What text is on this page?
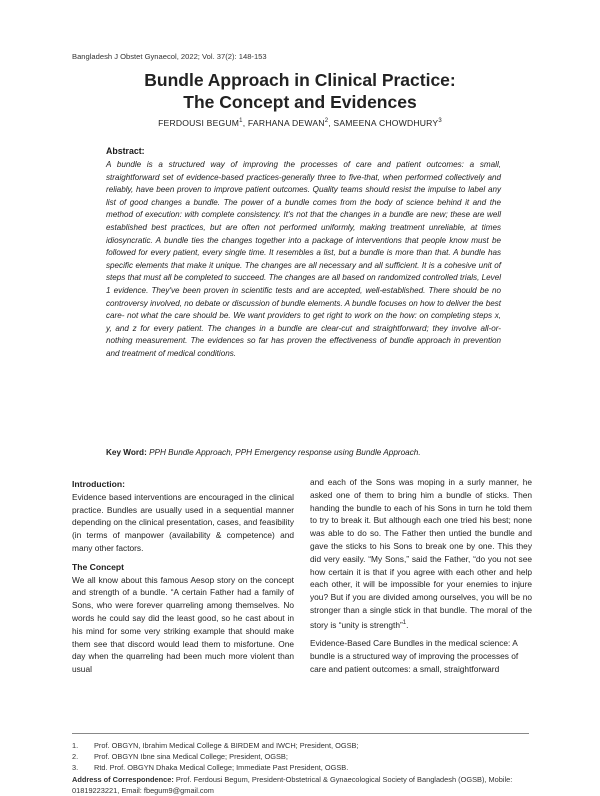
Bangladesh J Obstet Gynaecol, 2022; Vol. 37(2): 148-153
Bundle Approach in Clinical Practice:
The Concept and Evidences
FERDOUSI BEGUM$^1$, FARHANA DEWAN$^2$, SAMEENA CHOWDHURY$^3$
Abstract:
A bundle is a structured way of improving the processes of care and patient outcomes: a small, straightforward set of evidence-based practices-generally three to five-that, when performed collectively and reliably, have been proven to improve patient outcomes. Quality teams should resist the impulse to label any list of good changes a bundle. The power of a bundle comes from the body of science behind it and the method of execution: with complete consistency. It's not that the changes in a bundle are new; these are well established best practices, but are often not performed uniformly, making treatment unreliable, at times idiosyncratic. A bundle ties the changes together into a package of interventions that people know must be followed for every patient, every single time. It resembles a list, but a bundle is more than that. A bundle has specific elements that make it unique. The changes are all necessary and all sufficient. It is a cohesive unit of steps that must all be completed to succeed. The changes are all based on randomized controlled trials, Level 1 evidence. They've been proven in scientific tests and are accepted, well-established. There should be no controversy involved, no debate or discussion of bundle elements. A bundle focuses on how to deliver the best care- not what the care should be. We want providers to get right to work on the how: on completing steps x, y, and z for every patient. The changes in a bundle are clear-cut and straightforward; they involve all-or-nothing measurement. The evidences so far has proven the effectiveness of bundle approach in prevention and treatment of medical conditions.
Key Word: PPH Bundle Approach, PPH Emergency response using Bundle Approach.
Introduction:

Evidence based interventions are encouraged in the clinical practice. Bundles are usually used in a sequential manner depending on the clinical presentation, cases, and feasibility (in terms of manpower (availability & competence) and many other factors.

The Concept

We all know about this famous Aesop story on the concept and strength of a bundle. “A certain Father had a family of Sons, who were forever quarreling among themselves. No words he could say did the least good, so he cast about in his mind for some very striking example that should make them see that discord would lead them to misfortune. One day when the quarreling had been much more violent than usual

and each of the Sons was moping in a surly manner, he asked one of them to bring him a bundle of sticks. Then handing the bundle to each of his Sons in turn he told them to try to break it. But although each one tried his best; none was able to do so. The Father then untied the bundle and gave the sticks to his Sons to break one by one. This they did very easily. “My Sons,” said the Father, “do you not see how certain it is that if you agree with each other and help each other, it will be impossible for your enemies to injure you? But if you are divided among ourselves, you will be no stronger than a single stick in that bundle. The moral of the story is “unity is strength”$^1$.

Evidence-Based Care Bundles in the medical science: A bundle is a structured way of improving the processes of care and patient outcomes: a small, straightforward

1.	Prof. OBGYN, Ibrahim Medical College & BIRDEM and IWCH; President, OGSB;
2.	Prof. OBGYN Ibne sina Medical College; President, OGSB;
3.	Rtd. Prof. OBGYN Dhaka Medical College; Immediate Past President, OGSB.
Address of Correspondence: Prof. Ferdousi Begum, President-Obstetrical & Gynaecological Society of Bangladesh (OGSB), Mobile: 01819223221, Email: fbegum9@gmail.com
